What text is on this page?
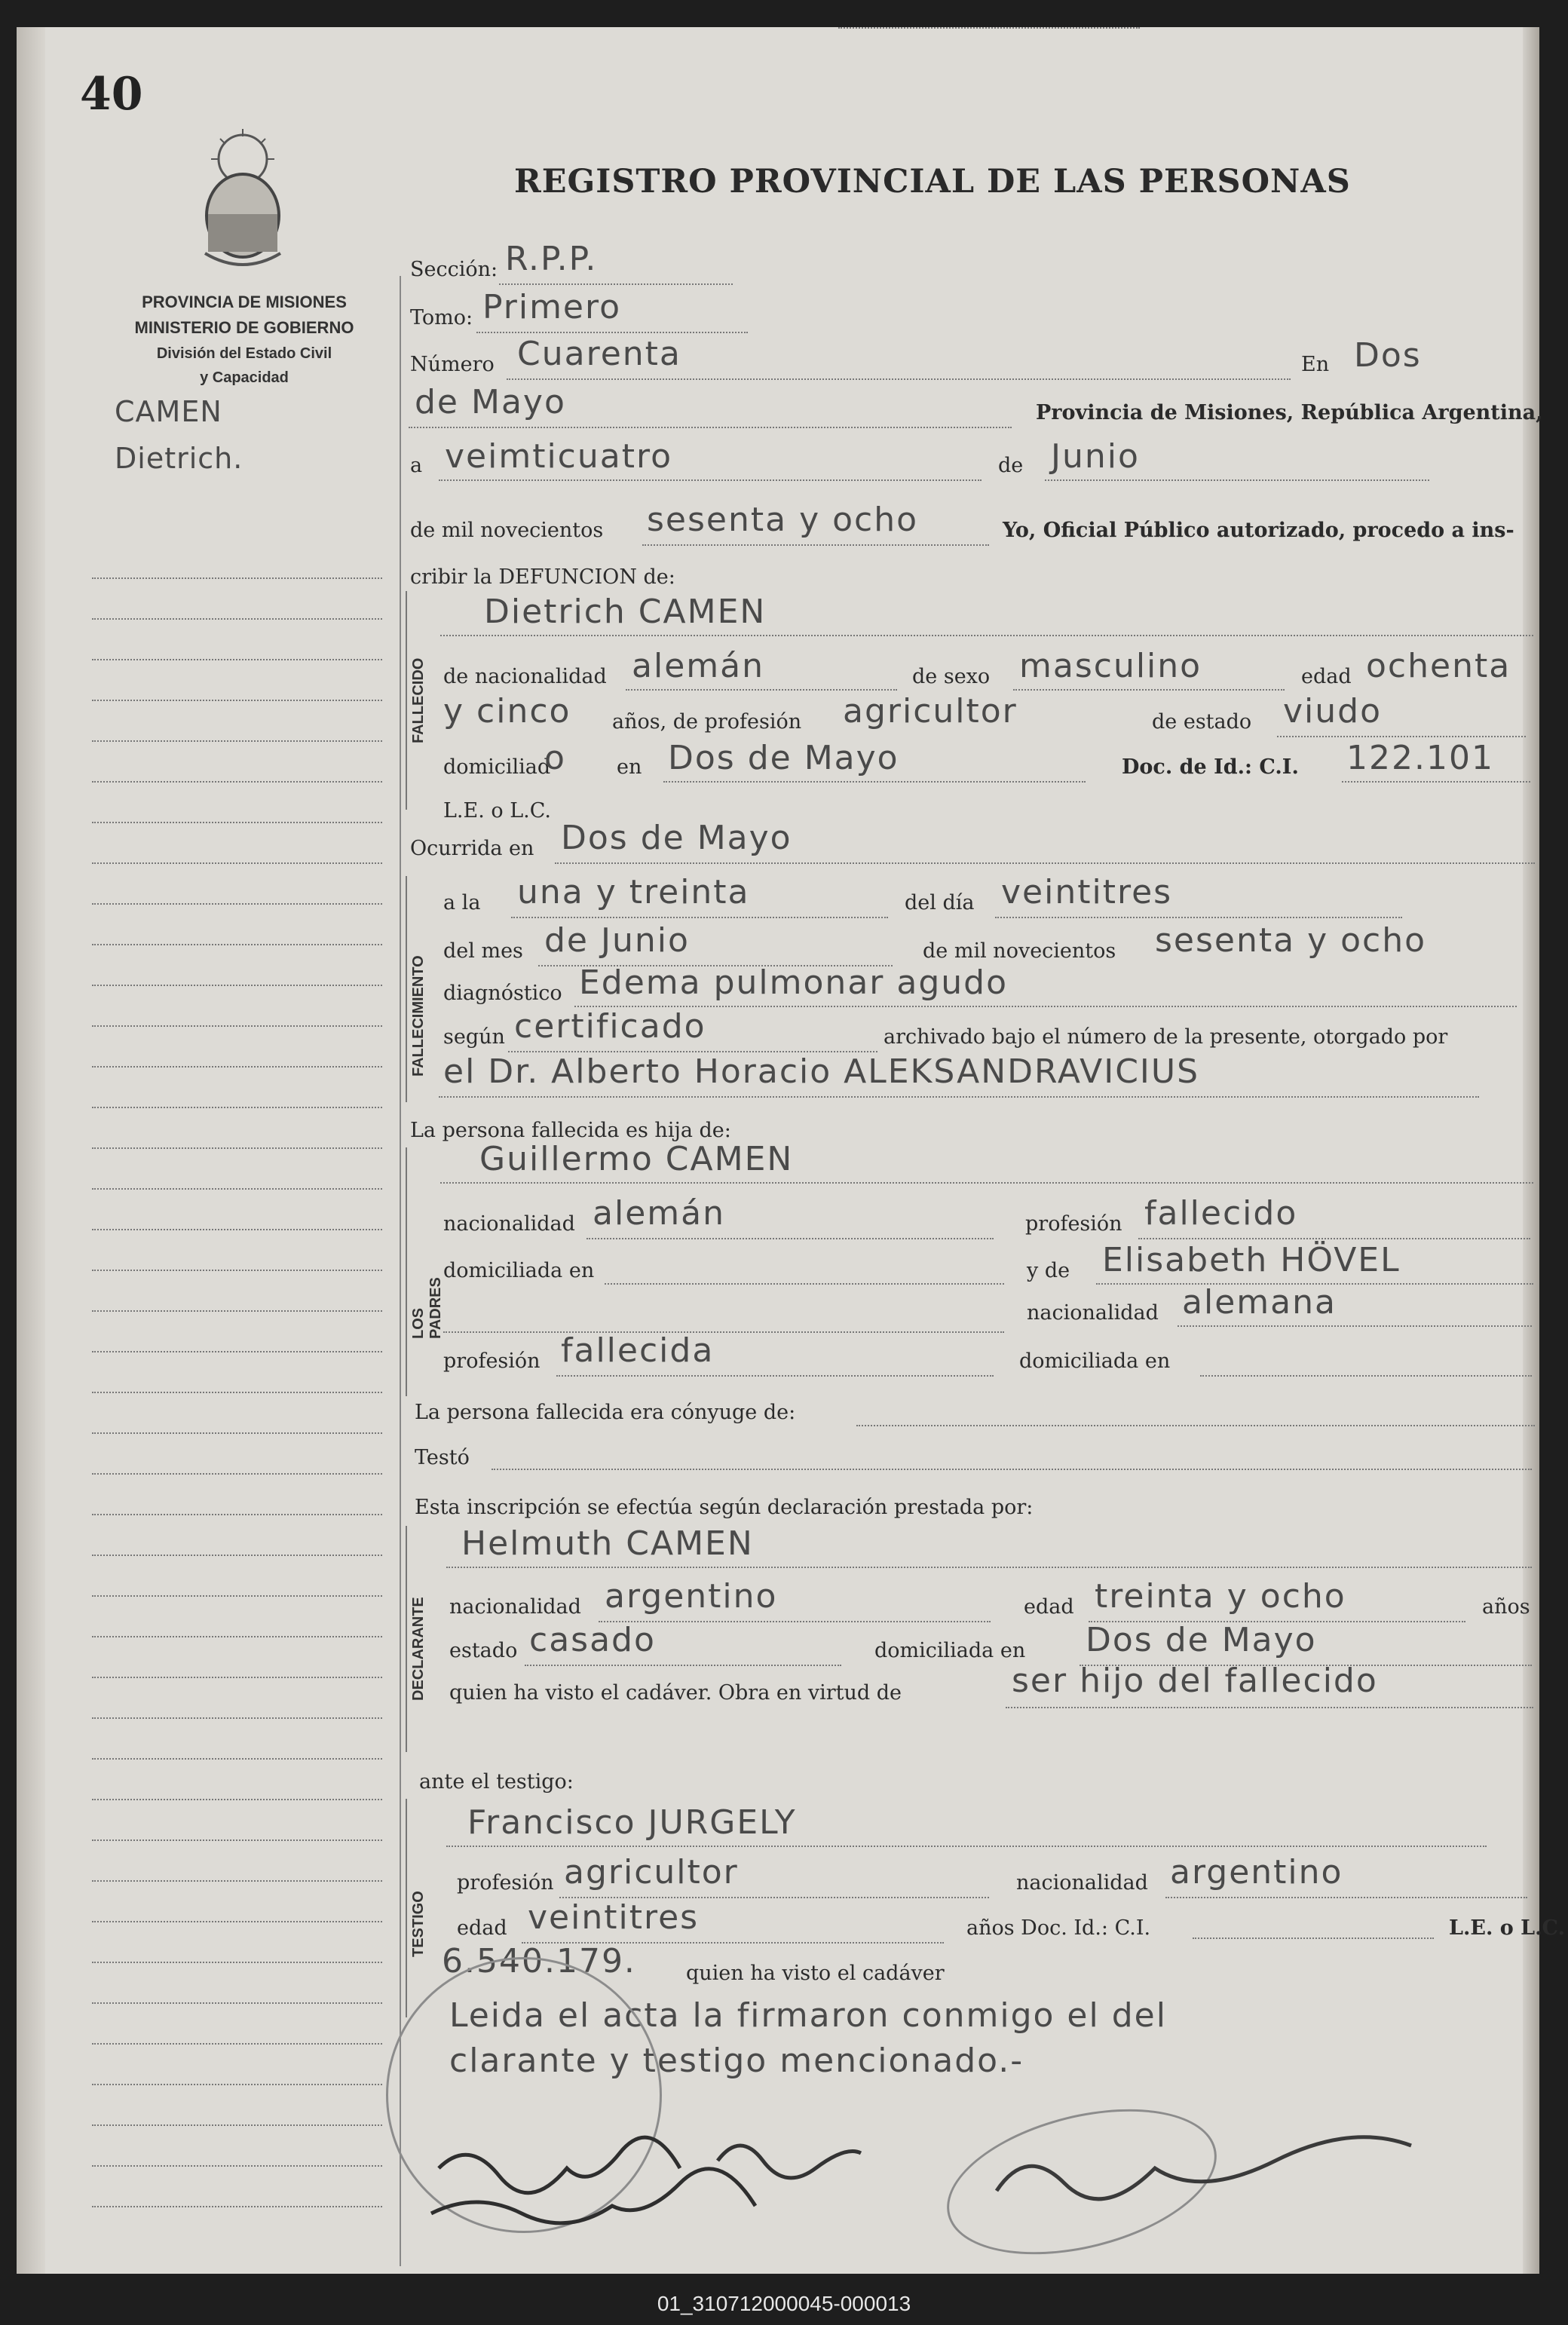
40
REGISTRO PROVINCIAL DE LAS PERSONAS
PROVINCIA DE MISIONES
MINISTERIO DE GOBIERNO
División del Estado Civil
y Capacidad
CAMEN
Dietrich.
Sección: R.P.P.
Tomo: Primero
Número Cuarenta	En Dos
de Mayo	Provincia de Misiones, República Argentina,
a veimticuatro	de Junio
de mil novecientos sesenta y ocho	Yo, Oficial Público autorizado, procedo a ins-
cribir la DEFUNCION de:
FALLECIDO
Dietrich CAMEN
de nacionalidad alemán	de sexo masculino	edad ochenta
y cinco años, de profesión agricultor	de estado viudo
domiciliad
o en Dos de Mayo	Doc. de Id.: C.I. 122.101
L.E. o L.C.
Ocurrida en Dos de Mayo
FALLECIMIENTO
a la una y treinta	del día veintitres
del mes de Junio	de mil novecientos sesenta y ocho
diagnóstico Edema pulmonar agudo
según certificado	archivado bajo el número de la presente, otorgado por
el Dr. Alberto Horacio ALEKSANDRAVICIUS
La persona fallecida es hija de:
LOS PADRES
Guillermo CAMEN
nacionalidad alemán	profesión fallecido
domiciliada en	y de Elisabeth HÖVEL
nacionalidad alemana
profesión fallecida	domiciliada en
La persona fallecida era cónyuge de:
Testó
Esta inscripción se efectúa según declaración prestada por:
DECLARANTE
Helmuth CAMEN
nacionalidad argentino	edad treinta y ocho	años
estado casado	domiciliada en Dos de Mayo
quien ha visto el cadáver. Obra en virtud de	ser hijo del fallecido
ante el testigo:
TESTIGO
Francisco JURGELY
profesión agricultor	nacionalidad argentino
edad veintitres	años Doc. Id.: C.I.	L.E. o L.C.
6.540.179. quien ha visto el cadáver
Leida el acta la firmaron conmigo el del
clarante y testigo mencionado.-
01_310712000045-000013
